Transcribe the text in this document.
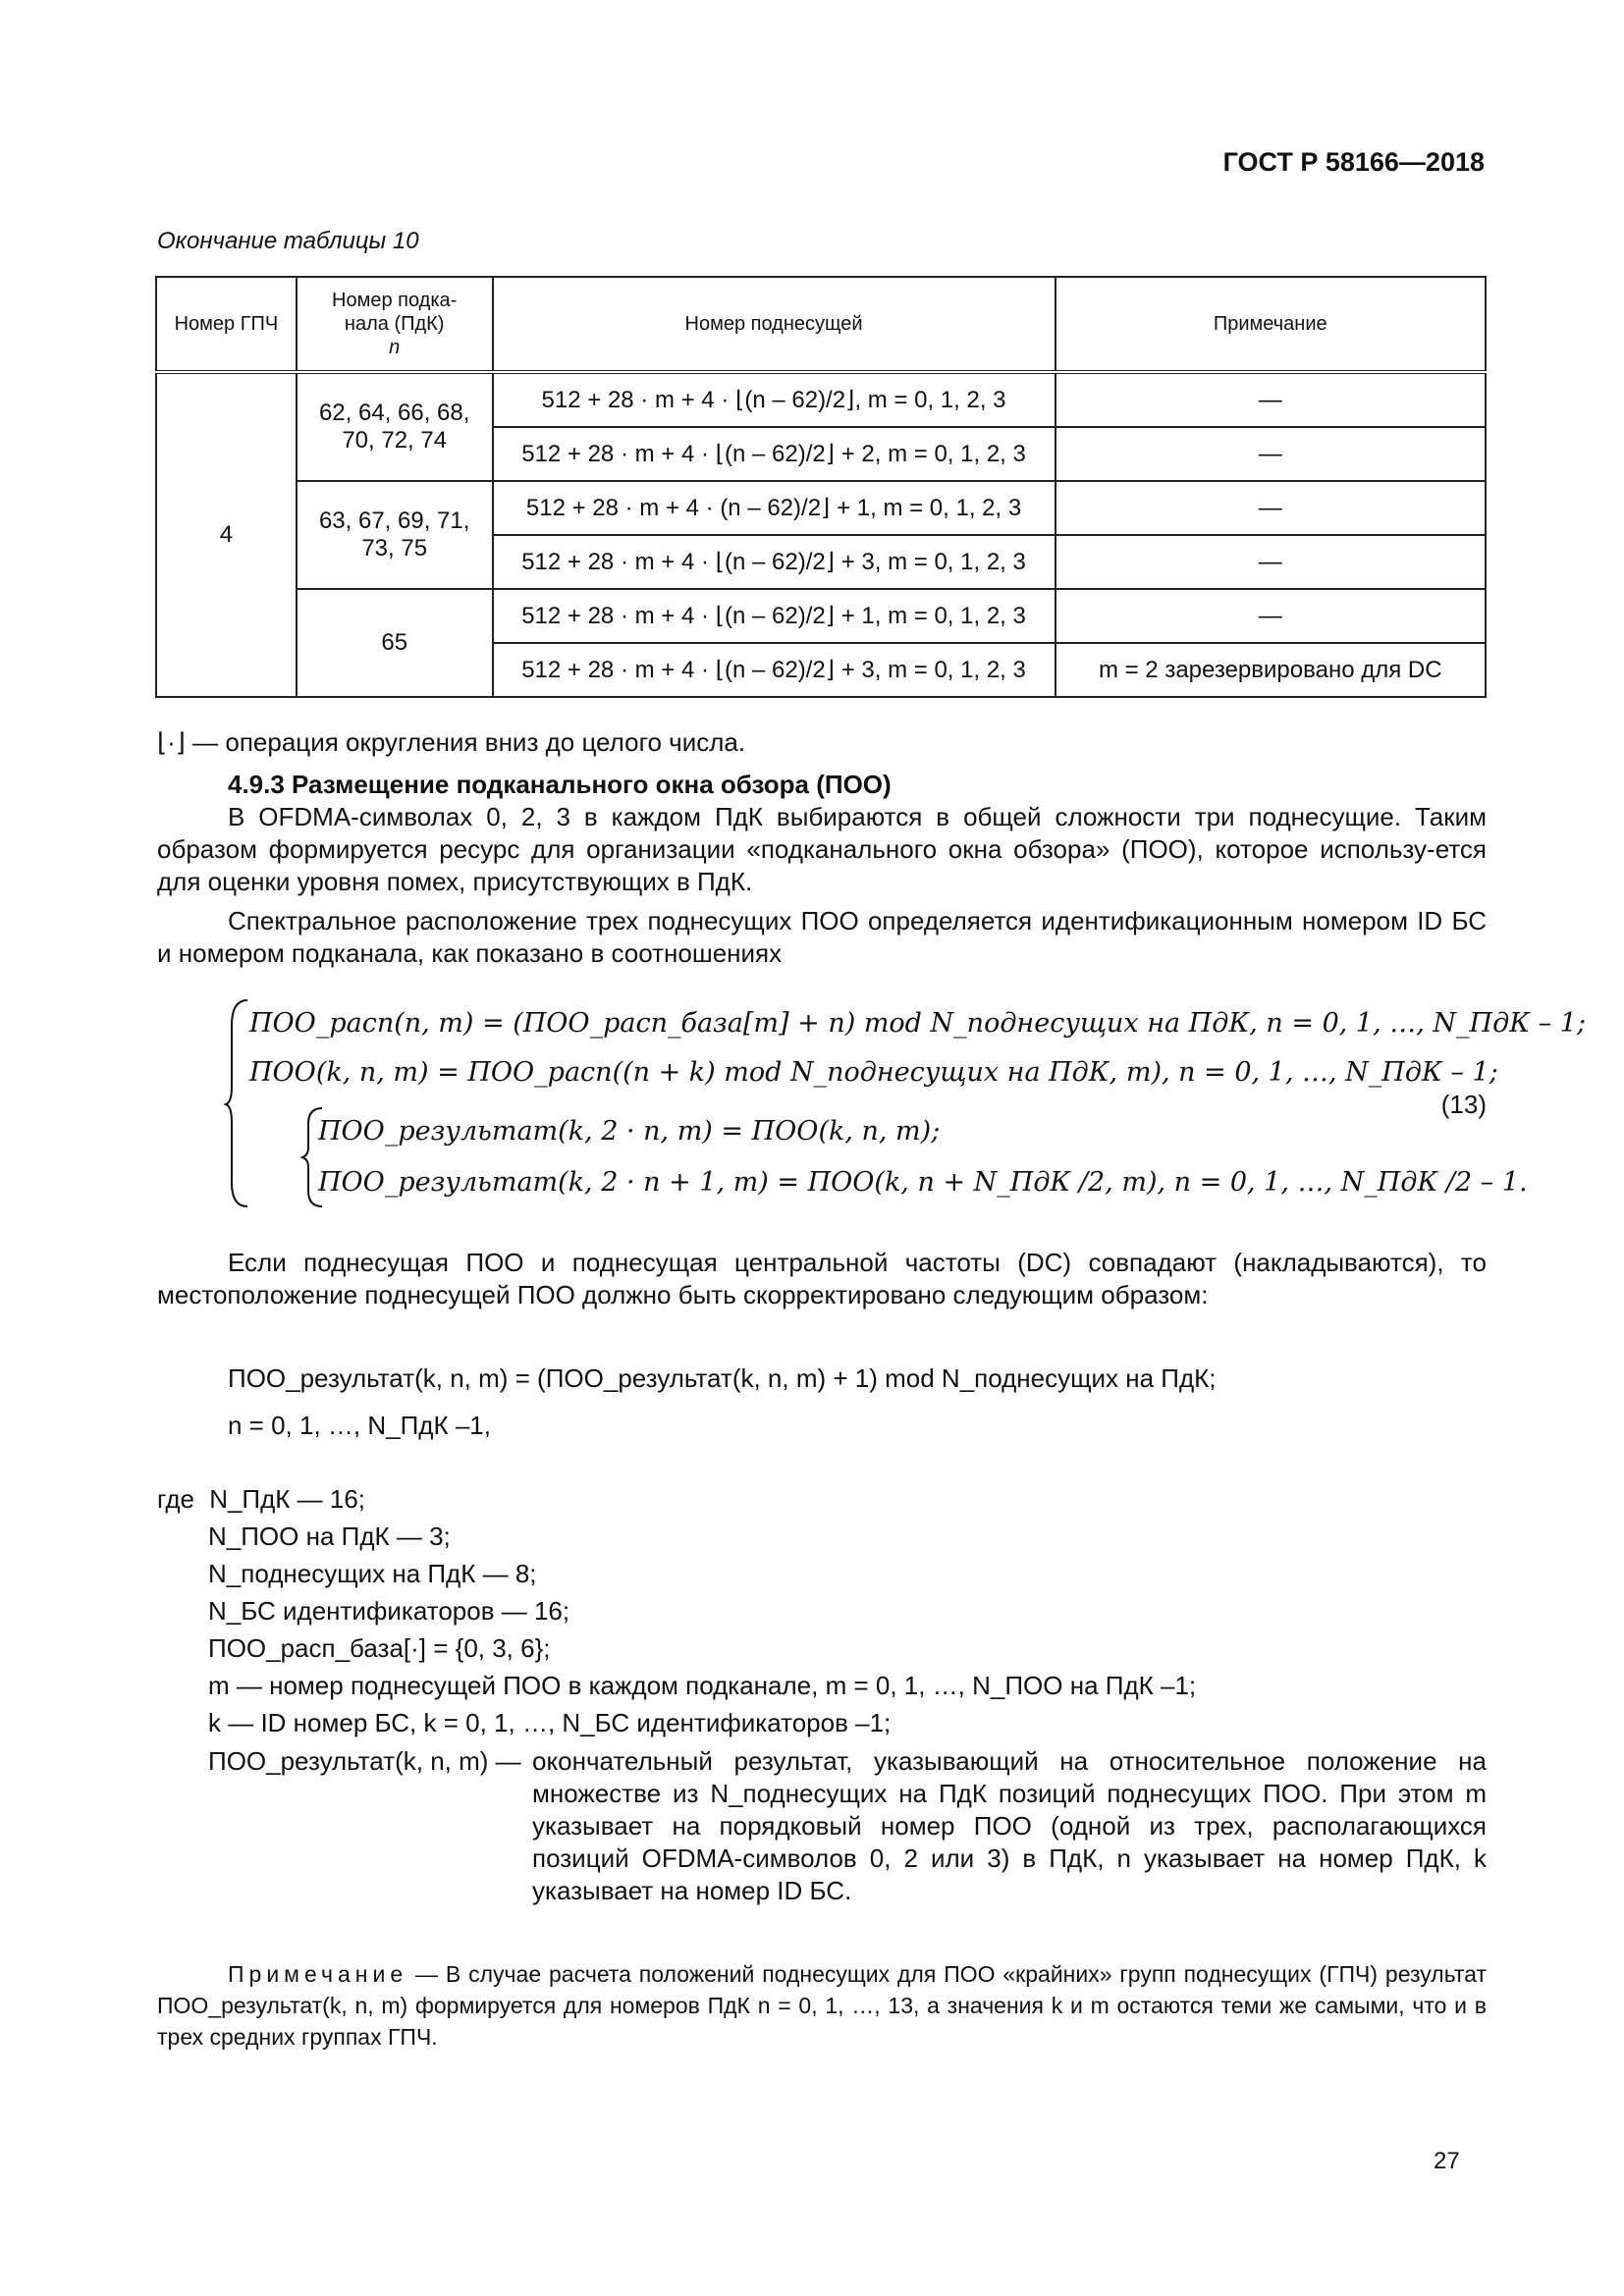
ГОСТ Р 58166—2018
Окончание таблицы 10
Номер ГПЧ	Номер подка-
нала (ПдК)
n	Номер поднесущей	Примечание
4	62, 64, 66, 68, 70, 72, 74	512 + 28 · m + 4 · ⌊(n – 62)/2⌋, m = 0, 1, 2, 3	—
		512 + 28 · m + 4 · ⌊(n – 62)/2⌋ + 2, m = 0, 1, 2, 3	—
	63, 67, 69, 71, 73, 75	512 + 28 · m + 4 · (n – 62)/2⌋ + 1, m = 0, 1, 2, 3	—
		512 + 28 · m + 4 · ⌊(n – 62)/2⌋ + 3, m = 0, 1, 2, 3	—
	65	512 + 28 · m + 4 · ⌊(n – 62)/2⌋ + 1, m = 0, 1, 2, 3	—
		512 + 28 · m + 4 · ⌊(n – 62)/2⌋ + 3, m = 0, 1, 2, 3	m = 2 зарезервировано для DC
⌊·⌋ — операция округления вниз до целого числа.
4.9.3 Размещение подканального окна обзора (ПОО)
В OFDMA-символах 0, 2, 3 в каждом ПдК выбираются в общей сложности три поднесущие. Таким образом формируется ресурс для организации «подканального окна обзора» (ПОО), которое использу-ется для оценки уровня помех, присутствующих в ПдК.
Спектральное расположение трех поднесущих ПОО определяется идентификационным номером ID БС и номером подканала, как показано в соотношениях
ПОО_расп(n, m) = (ПОО_расп_база[m] + n) mod N_поднесущих на ПдК, n = 0, 1, …, N_ПдК – 1;
ПОО(k, n, m) = ПОО_расп((n + k) mod N_поднесущих на ПдК, m), n = 0, 1, …, N_ПдК – 1;
ПОО_результат(k, 2 · n, m) = ПОО(k, n, m);
ПОО_результат(k, 2 · n + 1, m) = ПОО(k, n + N_ПдК /2, m), n = 0, 1, …, N_ПдК /2 – 1.
(13)
Если поднесущая ПОО и поднесущая центральной частоты (DC) совпадают (накладываются), то местоположение поднесущей ПОО должно быть скорректировано следующим образом:
ПОО_результат(k, n, m) = (ПОО_результат(k, n, m) + 1) mod N_поднесущих на ПдК;
n = 0, 1, …, N_ПдК –1,
где N_ПдК — 16;
N_ПОО на ПдК — 3;
N_поднесущих на ПдК — 8;
N_БС идентификаторов — 16;
ПОО_расп_база[·] = {0, 3, 6};
m — номер поднесущей ПОО в каждом подканале, m = 0, 1, …, N_ПОО на ПдК –1;
k — ID номер БС, k = 0, 1, …, N_БС идентификаторов –1;
ПОО_результат(k, n, m) — окончательный результат, указывающий на относительное положение на множестве из N_поднесущих на ПдК позиций поднесущих ПОО. При этом m указывает на порядковый номер ПОО (одной из трех, располагающихся позиций OFDMA-символов 0, 2 или 3) в ПдК, n указывает на номер ПдК, k указывает на номер ID БС.
Примечание — В случае расчета положений поднесущих для ПОО «крайних» групп поднесущих (ГПЧ) результат ПОО_результат(k, n, m) формируется для номеров ПдК n = 0, 1, …, 13, а значения k и m остаются теми же самыми, что и в трех средних группах ГПЧ.
27
